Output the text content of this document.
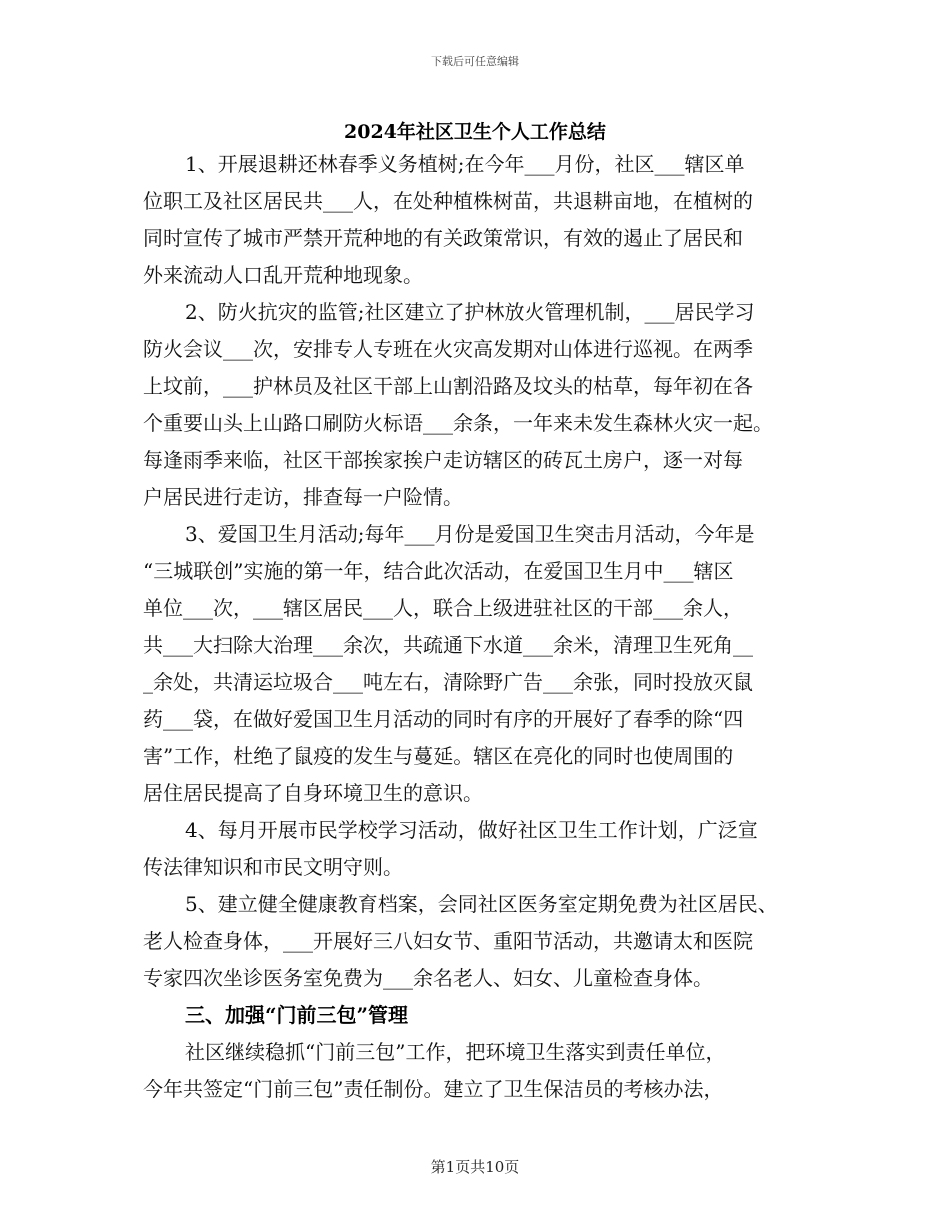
下载后可任意编辑
2024年社区卫生个人工作总结
1、开展退耕还林春季义务植树;在今年___月份，社区___辖区单
位职工及社区居民共___人，在处种植株树苗，共退耕亩地，在植树的
同时宣传了城市严禁开荒种地的有关政策常识，有效的遏止了居民和
外来流动人口乱开荒种地现象。
2、防火抗灾的监管;社区建立了护林放火管理机制，___居民学习
防火会议___次，安排专人专班在火灾高发期对山体进行巡视。在两季
上坟前，___护林员及社区干部上山割沿路及坟头的枯草，每年初在各
个重要山头上山路口刷防火标语___余条，一年来未发生森林火灾一起。
每逢雨季来临，社区干部挨家挨户走访辖区的砖瓦土房户，逐一对每
户居民进行走访，排查每一户险情。
3、爱国卫生月活动;每年___月份是爱国卫生突击月活动，今年是
“三城联创”实施的第一年，结合此次活动，在爱国卫生月中___辖区
单位___次，___辖区居民___人，联合上级进驻社区的干部___余人，
共___大扫除大治理___余次，共疏通下水道___余米，清理卫生死角__
_余处，共清运垃圾合___吨左右，清除野广告___余张，同时投放灭鼠
药___袋，在做好爱国卫生月活动的同时有序的开展好了春季的除“四
害”工作，杜绝了鼠疫的发生与蔓延。辖区在亮化的同时也使周围的
居住居民提高了自身环境卫生的意识。
4、每月开展市民学校学习活动，做好社区卫生工作计划，广泛宣
传法律知识和市民文明守则。
5、建立健全健康教育档案，会同社区医务室定期免费为社区居民、
老人检查身体，___开展好三八妇女节、重阳节活动，共邀请太和医院
专家四次坐诊医务室免费为___余名老人、妇女、儿童检查身体。
三、加强“门前三包”管理
社区继续稳抓“门前三包”工作，把环境卫生落实到责任单位，
今年共签定“门前三包”责任制份。建立了卫生保洁员的考核办法，
第1页共10页
